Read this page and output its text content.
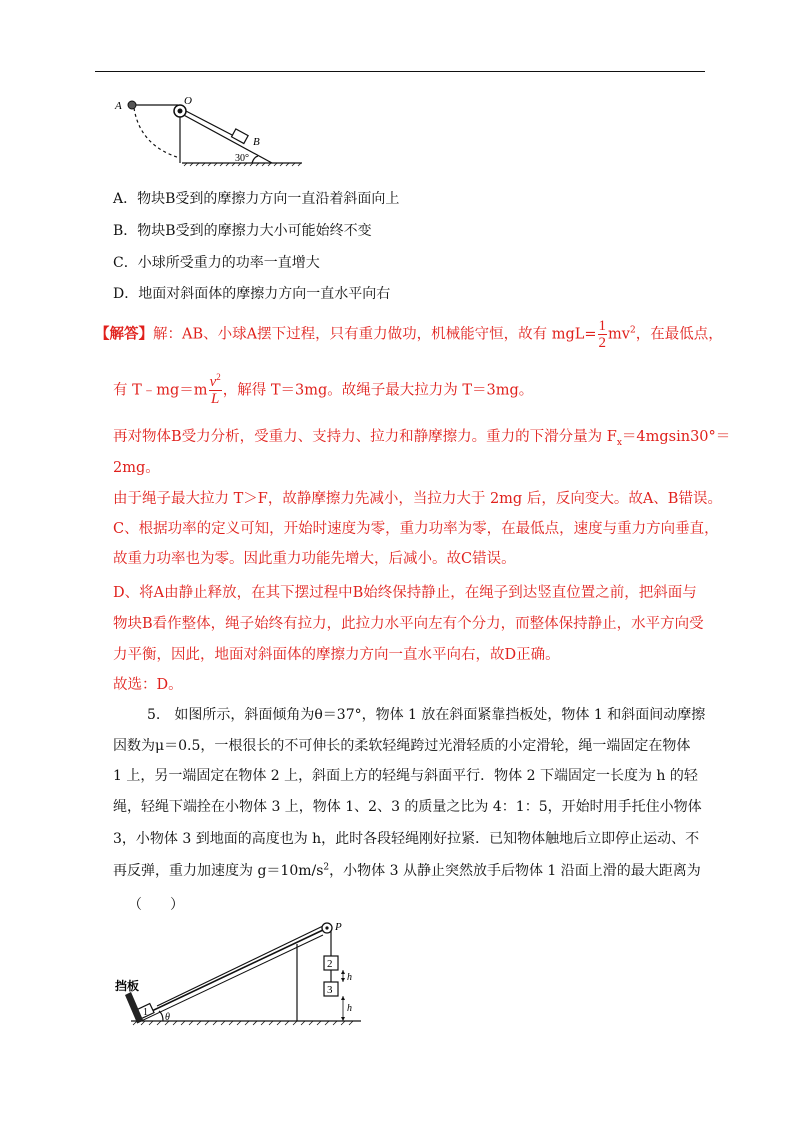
A	O
B
30°
A．物块B受到的摩擦力方向一直沿着斜面向上
B．物块B受到的摩擦力大小可能始终不变
C．小球所受重力的功率一直增大
D．地面对斜面体的摩擦力方向一直水平向右
【解答】解：AB、小球A摆下过程，只有重力做功，机械能守恒，故有 $mgL= \frac{1}{2} mv^2$，在最低点，
有 T﹣mg＝m $\frac{v^2}{L}$ ，解得 T＝3mg。故绳子最大拉力为 T＝3mg。
再对物体B受力分析，受重力、支持力、拉力和静摩擦力。重力的下滑分量为 $F_x=4mgsin30^\circ=$
2mg。
由于绳子最大拉力 T＞F，故静摩擦力先减小，当拉力大于 2mg 后，反向变大。故A、B错误。
C、根据功率的定义可知，开始时速度为零，重力功率为零，在最低点，速度与重力方向垂直，
故重力功率也为零。因此重力功能先增大，后减小。故C错误。
D、将A由静止释放，在其下摆过程中B始终保持静止，在绳子到达竖直位置之前，把斜面与
物块B看作整体，绳子始终有拉力，此拉力水平向左有个分力，而整体保持静止，水平方向受
力平衡，因此，地面对斜面体的摩擦力方向一直水平向右，故D正确。
故选：D。
5.　如图所示，斜面倾角为θ＝37°，物体 1 放在斜面紧靠挡板处，物体 1 和斜面间动摩擦
因数为μ＝0.5，一根很长的不可伸长的柔软轻绳跨过光滑轻质的小定滑轮，绳一端固定在物体
1 上，另一端固定在物体 2 上，斜面上方的轻绳与斜面平行．物体 2 下端固定一长度为 h 的轻
绳，轻绳下端拴在小物体 3 上，物体 1、2、3 的质量之比为 4：1：5，开始时用手托住小物体
3，小物体 3 到地面的高度也为 h，此时各段轻绳刚好拉紧．已知物体触地后立即停止运动、不
再反弹，重力加速度为 $g=10m/s^2$，小物体 3 从静止突然放手后物体 1 沿面上滑的最大距离为
（　　）
挡板
P
1
2
3
θ
h
h
